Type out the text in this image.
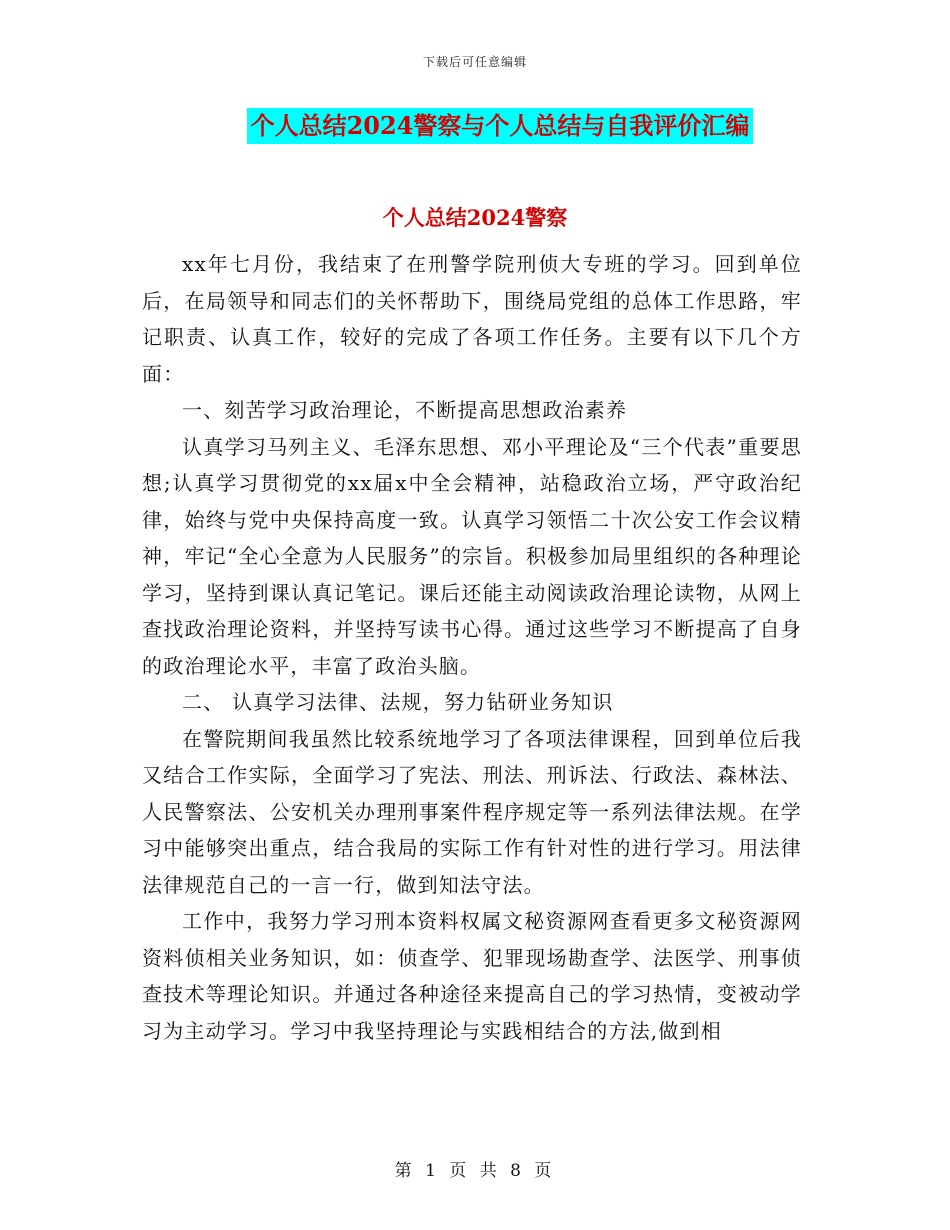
下载后可任意编辑
个人总结2024警察与个人总结与自我评价汇编
个人总结2024警察

xx年七月份，我结束了在刑警学院刑侦大专班的学习。回到单位后，在局领导和同志们的关怀帮助下，围绕局党组的总体工作思路，牢记职责、认真工作，较好的完成了各项工作任务。主要有以下几个方面：

一、刻苦学习政治理论，不断提高思想政治素养

认真学习马列主义、毛泽东思想、邓小平理论及“三个代表”重要思想;认真学习贯彻党的xx届x中全会精神，站稳政治立场，严守政治纪律，始终与党中央保持高度一致。认真学习领悟二十次公安工作会议精神，牢记“全心全意为人民服务”的宗旨。积极参加局里组织的各种理论学习，坚持到课认真记笔记。课后还能主动阅读政治理论读物，从网上查找政治理论资料，并坚持写读书心得。通过这些学习不断提高了自身的政治理论水平，丰富了政治头脑。

二、 认真学习法律、法规，努力钻研业务知识

在警院期间我虽然比较系统地学习了各项法律课程，回到单位后我又结合工作实际，全面学习了宪法、刑法、刑诉法、行政法、森林法、人民警察法、公安机关办理刑事案件程序规定等一系列法律法规。在学习中能够突出重点，结合我局的实际工作有针对性的进行学习。用法律法律规范自己的一言一行，做到知法守法。

工作中，我努力学习刑本资料权属文秘资源网查看更多文秘资源网资料侦相关业务知识，如：侦查学、犯罪现场勘查学、法医学、刑事侦查技术等理论知识。并通过各种途径来提高自己的学习热情，变被动学习为主动学习。学习中我坚持理论与实践相结合的方法,做到相

第 1 页 共 8 页
